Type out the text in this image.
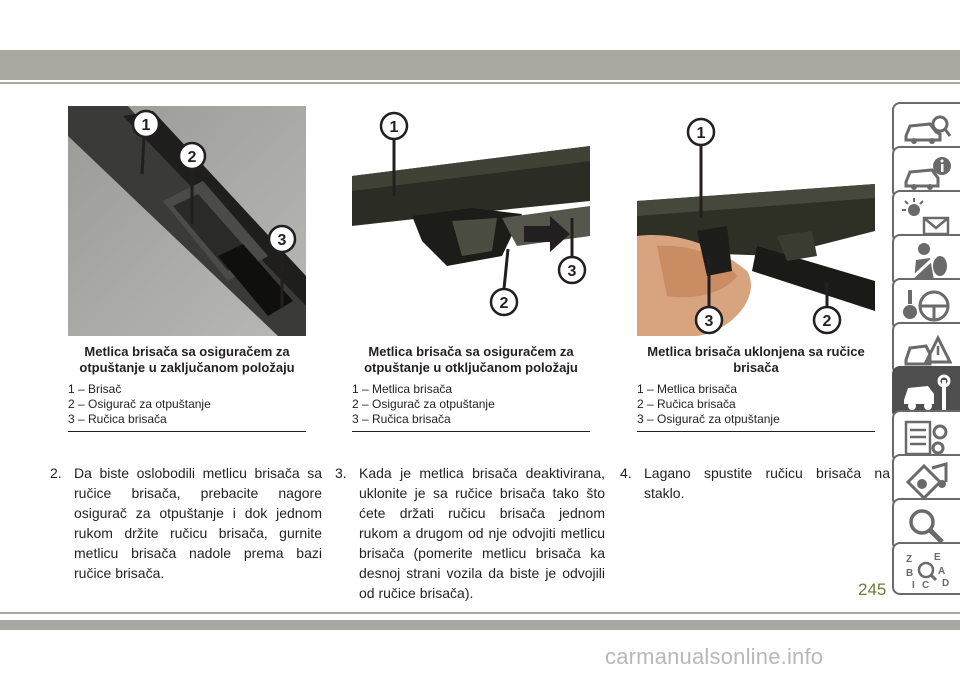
1
2
3
Metlica brisača sa osiguračem za otpuštanje u zaključanom položaju
1 – Brisač
2 – Osigurač za otpuštanje
3 – Ručica brisača
1
2
3
Metlica brisača sa osiguračem za otpuštanje u otključanom položaju
1 – Metlica brisača
2 – Osigurač za otpuštanje
3 – Ručica brisača
1
3	2
Metlica brisača uklonjena sa ručice brisača
1 – Metlica brisača
2 – Ručica brisača
3 – Osigurač za otpuštanje
2. Da biste oslobodili metlicu brisača sa ručice brisača, prebacite nagore osigurač za otpuštanje i dok jednom rukom držite ručicu brisača, gurnite metlicu brisača nadole prema bazi ručice brisača.
3. Kada je metlica brisača deaktivirana, uklonite je sa ručice brisača tako što ćete držati ručicu brisača jednom rukom a drugom od nje odvojiti metlicu brisača (pomerite metlicu brisača ka desnoj strani vozila da biste je odvojili od ručice brisača).
4. Lagano spustite ručicu brisača na staklo.
Z E
B A
I C D
245
carmanualsonline.info
